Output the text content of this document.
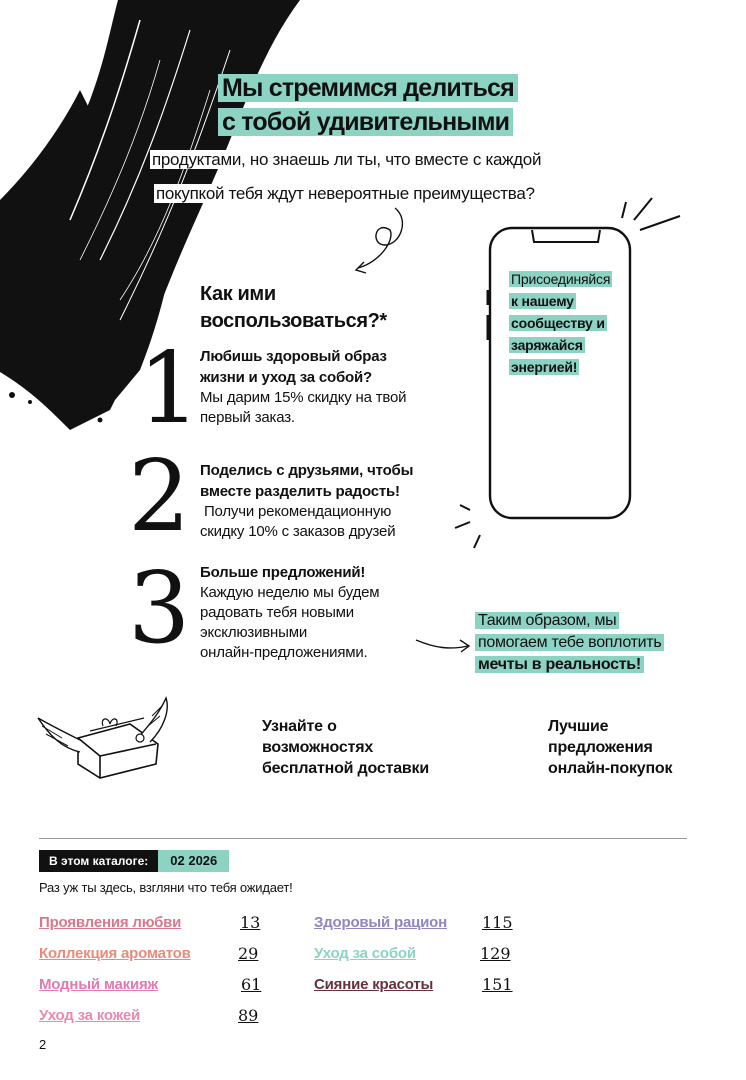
Мы стремимся делиться
с тобой удивительными
продуктами, но знаешь ли ты, что вместе с каждой
покупкой тебя ждут невероятные преимущества?
Как ими
воспользоваться?*
1 Любишь здоровый образ
жизни и уход за собой?
Мы дарим 15% скидку на твой
первый заказ.
2 Поделись с друзьями, чтобы
вместе разделить радость!
Получи рекомендационную
скидку 10% с заказов друзей
3 Больше предложений!
Каждую неделю мы будем
радовать тебя новыми
эксклюзивными
онлайн-предложениями.
Присоединяйся
к нашему
сообществу и
заряжайся
энергией!
Таким образом, мы
помогаем тебе воплотить
мечты в реальность!
Узнайте о
возможностях
бесплатной доставки
Лучшие
предложения
онлайн-покупок
В этом каталоге:	02 2026
Раз уж ты здесь, взгляни что тебя ожидает!
Проявления любви	13
Коллекция ароматов	29
Модный макияж	61
Уход за кожей	89
Здоровый рацион 115
Уход за собой	129
Сияние красоты	151
2
